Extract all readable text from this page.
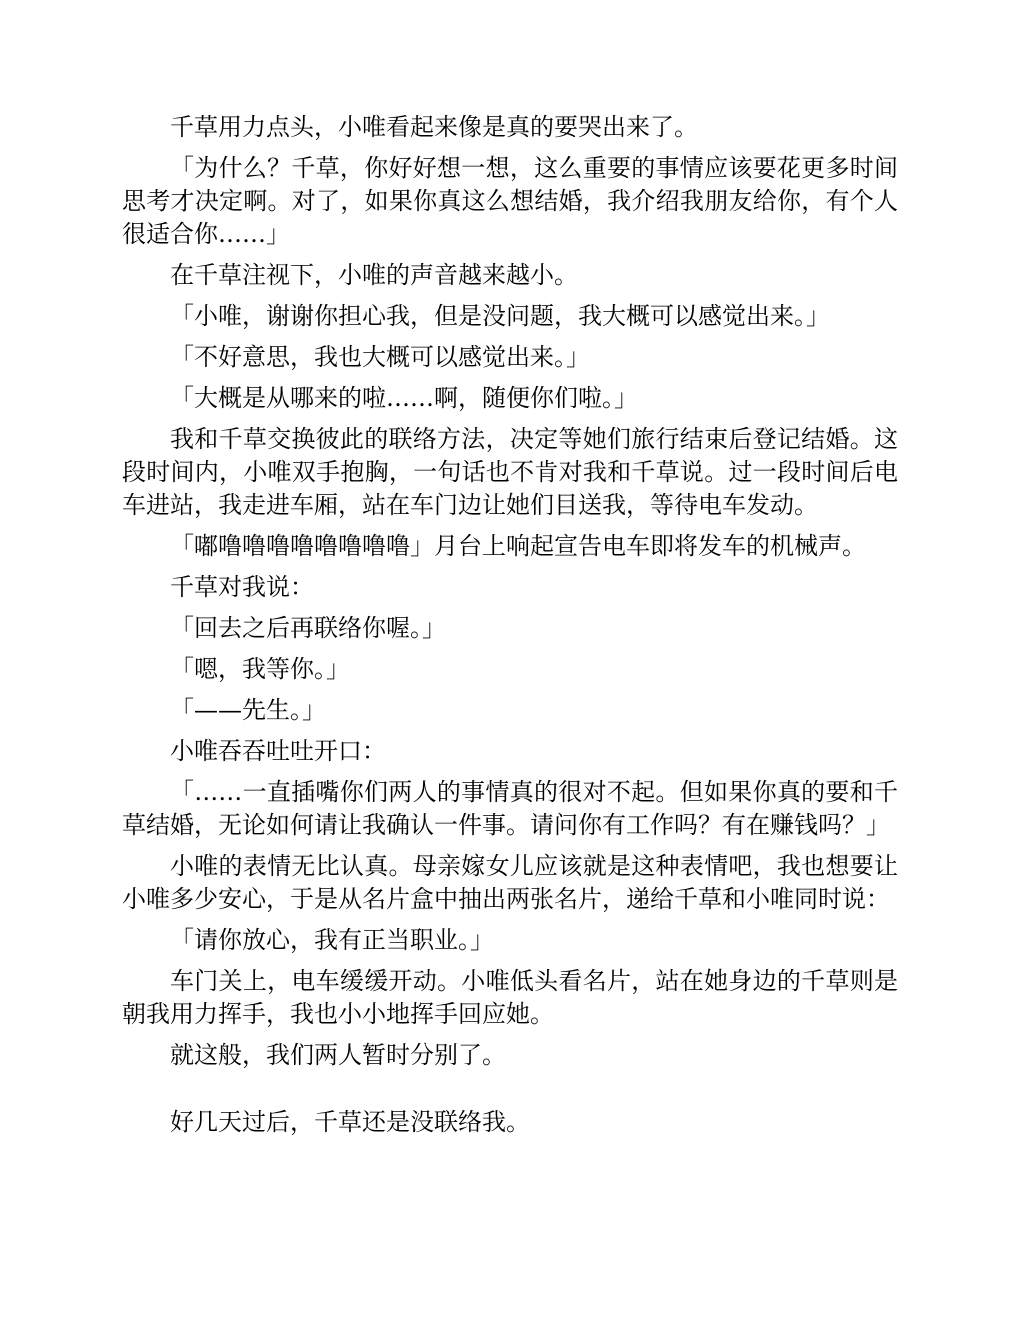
千草用力点头，小唯看起来像是真的要哭出来了。

「为什么？千草，你好好想一想，这么重要的事情应该要花更多时间思考才决定啊。对了，如果你真这么想结婚，我介绍我朋友给你，有个人很适合你……」

在千草注视下，小唯的声音越来越小。

「小唯，谢谢你担心我，但是没问题，我大概可以感觉出来。」

「不好意思，我也大概可以感觉出来。」

「大概是从哪来的啦……啊，随便你们啦。」

我和千草交换彼此的联络方法，决定等她们旅行结束后登记结婚。这段时间内，小唯双手抱胸，一句话也不肯对我和千草说。过一段时间后电车进站，我走进车厢，站在车门边让她们目送我，等待电车发动。

「嘟噜噜噜噜噜噜噜噜」月台上响起宣告电车即将发车的机械声。

千草对我说：

「回去之后再联络你喔。」

「嗯，我等你。」

「——先生。」

小唯吞吞吐吐开口：

「……一直插嘴你们两人的事情真的很对不起。但如果你真的要和千草结婚，无论如何请让我确认一件事。请问你有工作吗？有在赚钱吗？」

小唯的表情无比认真。母亲嫁女儿应该就是这种表情吧，我也想要让小唯多少安心，于是从名片盒中抽出两张名片，递给千草和小唯同时说：

「请你放心，我有正当职业。」

车门关上，电车缓缓开动。小唯低头看名片，站在她身边的千草则是朝我用力挥手，我也小小地挥手回应她。

就这般，我们两人暂时分别了。

好几天过后，千草还是没联络我。
